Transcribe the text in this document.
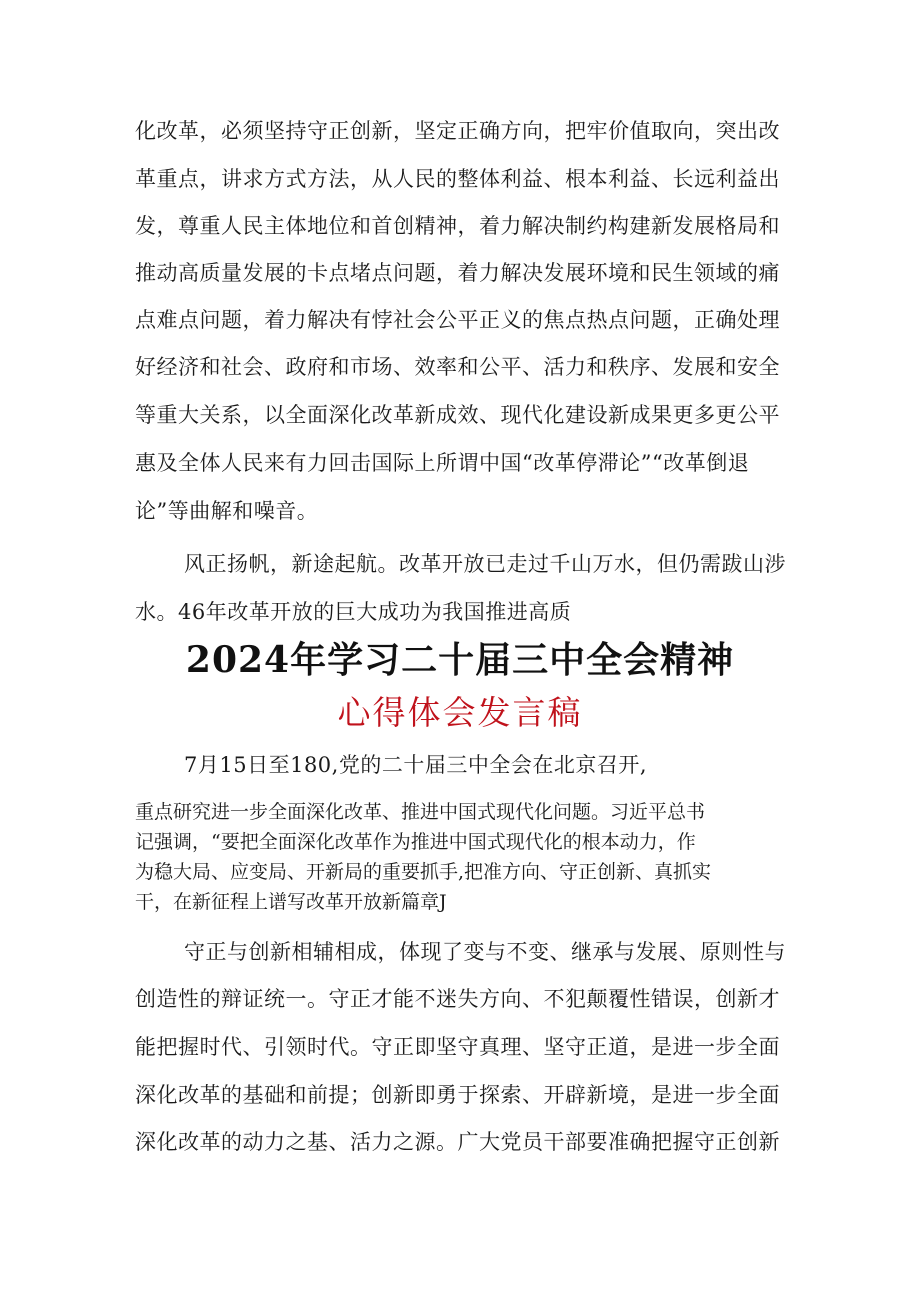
化改革，必须坚持守正创新，坚定正确方向，把牢价值取向，突出改
革重点，讲求方式方法，从人民的整体利益、根本利益、长远利益出
发，尊重人民主体地位和首创精神，着力解决制约构建新发展格局和
推动高质量发展的卡点堵点问题，着力解决发展环境和民生领域的痛
点难点问题，着力解决有悖社会公平正义的焦点热点问题，正确处理
好经济和社会、政府和市场、效率和公平、活力和秩序、发展和安全
等重大关系，以全面深化改革新成效、现代化建设新成果更多更公平
惠及全体人民来有力回击国际上所谓中国“改革停滞论”“改革倒退
论”等曲解和噪音。
风正扬帆，新途起航。改革开放已走过千山万水，但仍需跋山涉
水。46年改革开放的巨大成功为我国推进高质
2024年学习二十届三中全会精神
心得体会发言稿
7月15日至180,党的二十届三中全会在北京召开,
重点研究进一步全面深化改革、推进中国式现代化问题。习近平总书
记强调，“要把全面深化改革作为推进中国式现代化的根本动力，作
为稳大局、应变局、开新局的重要抓手,把准方向、守正创新、真抓实
干，在新征程上谱写改革开放新篇章J
守正与创新相辅相成，体现了变与不变、继承与发展、原则性与
创造性的辩证统一。守正才能不迷失方向、不犯颠覆性错误，创新才
能把握时代、引领时代。守正即坚守真理、坚守正道，是进一步全面
深化改革的基础和前提；创新即勇于探索、开辟新境，是进一步全面
深化改革的动力之基、活力之源。广大党员干部要准确把握守正创新
